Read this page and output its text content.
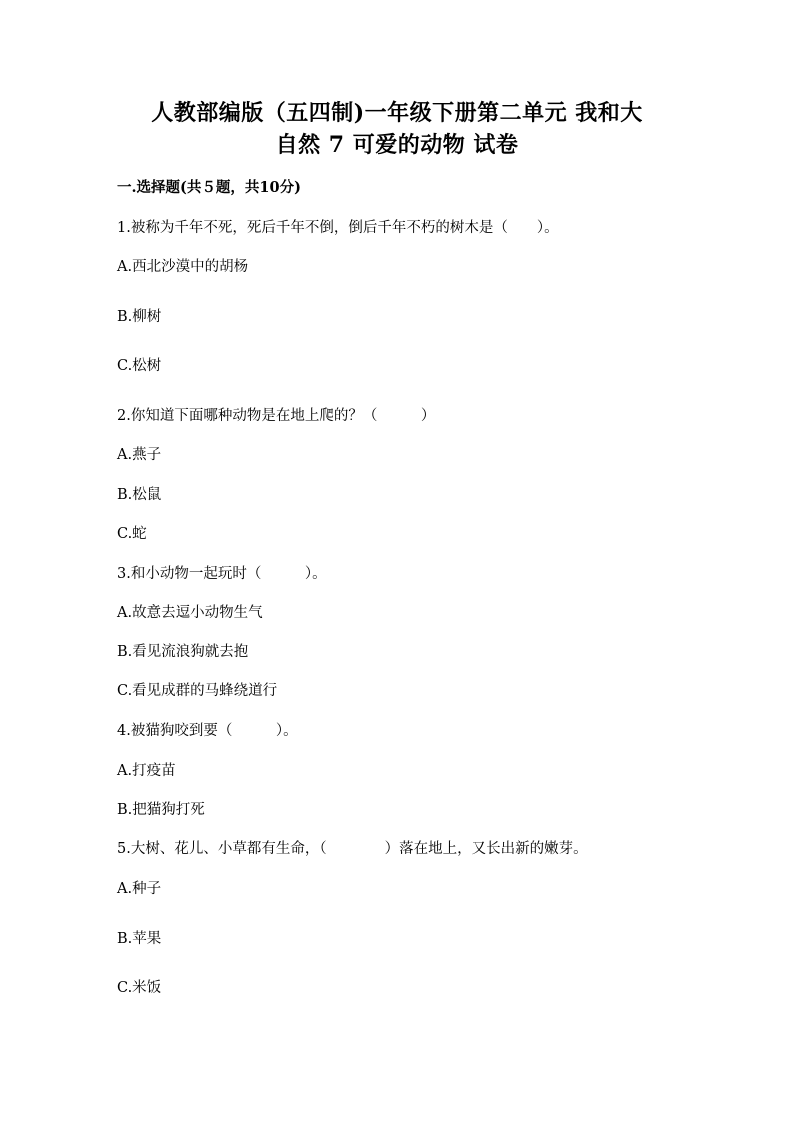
人教部编版（五四制)一年级下册第二单元 我和大
自然 7 可爱的动物 试卷
一.选择题(共５题，共10分)
1.被称为千年不死，死后千年不倒，倒后千年不朽的树木是（　　）。
A.西北沙漠中的胡杨
B.柳树
C.松树
2.你知道下面哪种动物是在地上爬的？（　　　）
A.燕子
B.松鼠
C.蛇
3.和小动物一起玩时（　　　）。
A.故意去逗小动物生气
B.看见流浪狗就去抱
C.看见成群的马蜂绕道行
4.被猫狗咬到要（　　　）。
A.打疫苗
B.把猫狗打死
5.大树、花儿、小草都有生命，（　　　　）落在地上，又长出新的嫩芽。
A.种子
B.苹果
C.米饭
